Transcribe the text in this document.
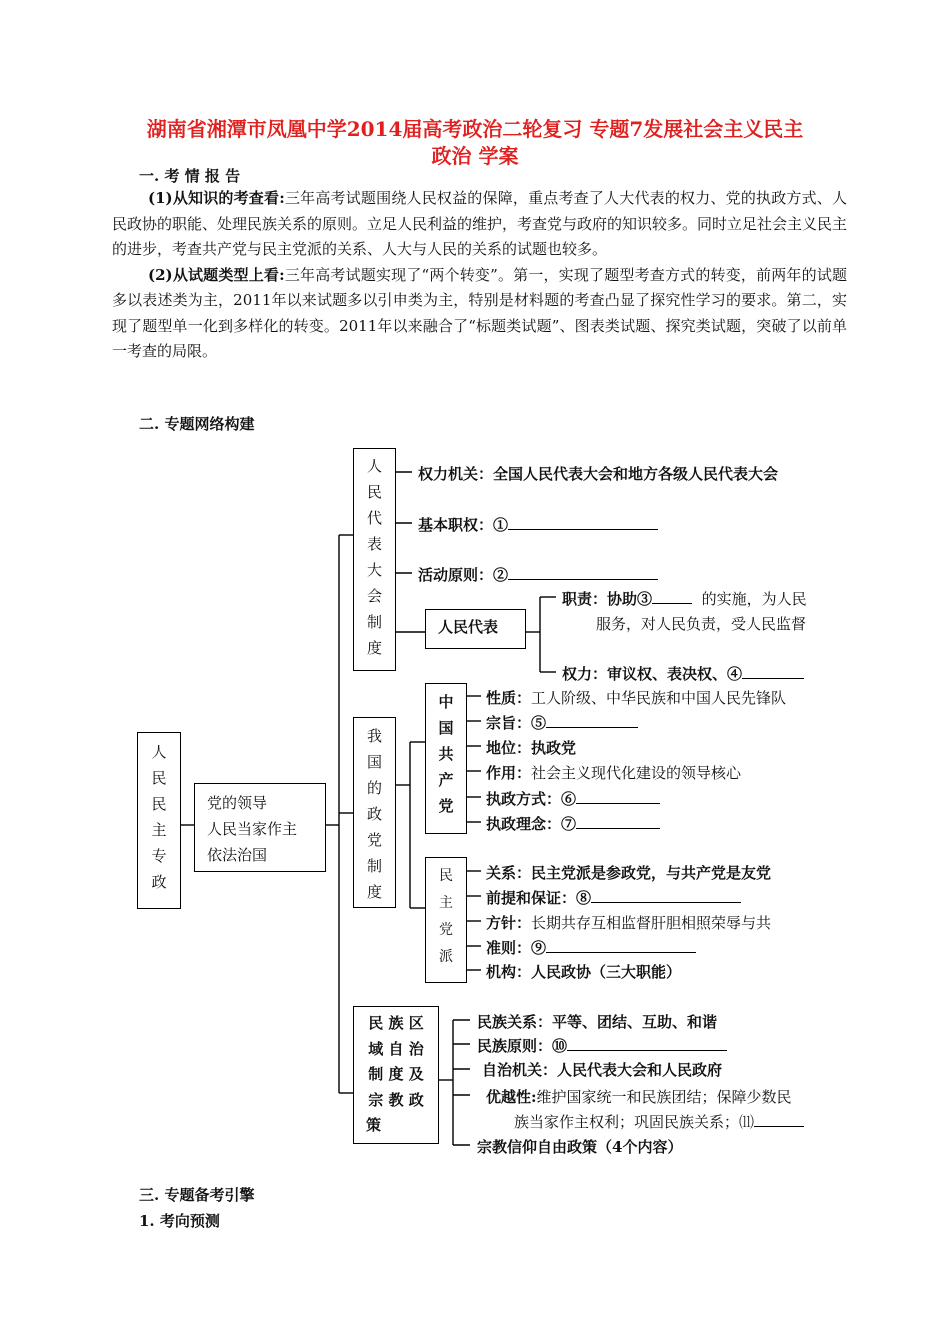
湖南省湘潭市凤凰中学2014届高考政治二轮复习 专题7发展社会主义民主
政治 学案
一. 考 情 报 告

(1)从知识的考查看:三年高考试题围绕人民权益的保障，重点考查了人大代表的权力、党的执政方式、人民政协的职能、处理民族关系的原则。立足人民利益的维护，考查党与政府的知识较多。同时立足社会主义民主的进步，考查共产党与民主党派的关系、人大与人民的关系的试题也较多。

(2)从试题类型上看:三年高考试题实现了“两个转变”。第一，实现了题型考查方式的转变，前两年的试题多以表述类为主，2011年以来试题多以引申类为主，特别是材料题的考查凸显了探究性学习的要求。第二，实现了题型单一化到多样化的转变。2011年以来融合了“标题类试题”、图表类试题、探究类试题，突破了以前单一考查的局限。

二. 专题网络构建
人
民
民
主
专
政
党的领导
人民当家作主
依法治国
人
民
代
表
大
会
制
度
权力机关：全国人民代表大会和地方各级人民代表大会
基本职权：①
活动原则：②
人民代表
职责：协助③	的实施，为人民
服务，对人民负责，受人民监督
权力：审议权、表决权、④
我
国
的
政
党
制
度
中
国
共
产
党
性质：工人阶级、中华民族和中国人民先锋队
宗旨：⑤
地位：执政党
作用：社会主义现代化建设的领导核心
执政方式：⑥
执政理念：⑦
民
主
党
派
关系：民主党派是参政党，与共产党是友党
前提和保证：⑧
方针：长期共存互相监督肝胆相照荣辱与共
准则：⑨
机构：人民政协（三大职能）
民 族 区
域 自 治
制 度 及
宗 教 政
策
民族关系：平等、团结、互助、和谐
民族原则：⑩
自治机关：人民代表大会和人民政府
优越性:维护国家统一和民族团结；保障少数民
族当家作主权利；巩固民族关系；⑾
宗教信仰自由政策（4个内容）
三. 专题备考引擎
1. 考向预测
